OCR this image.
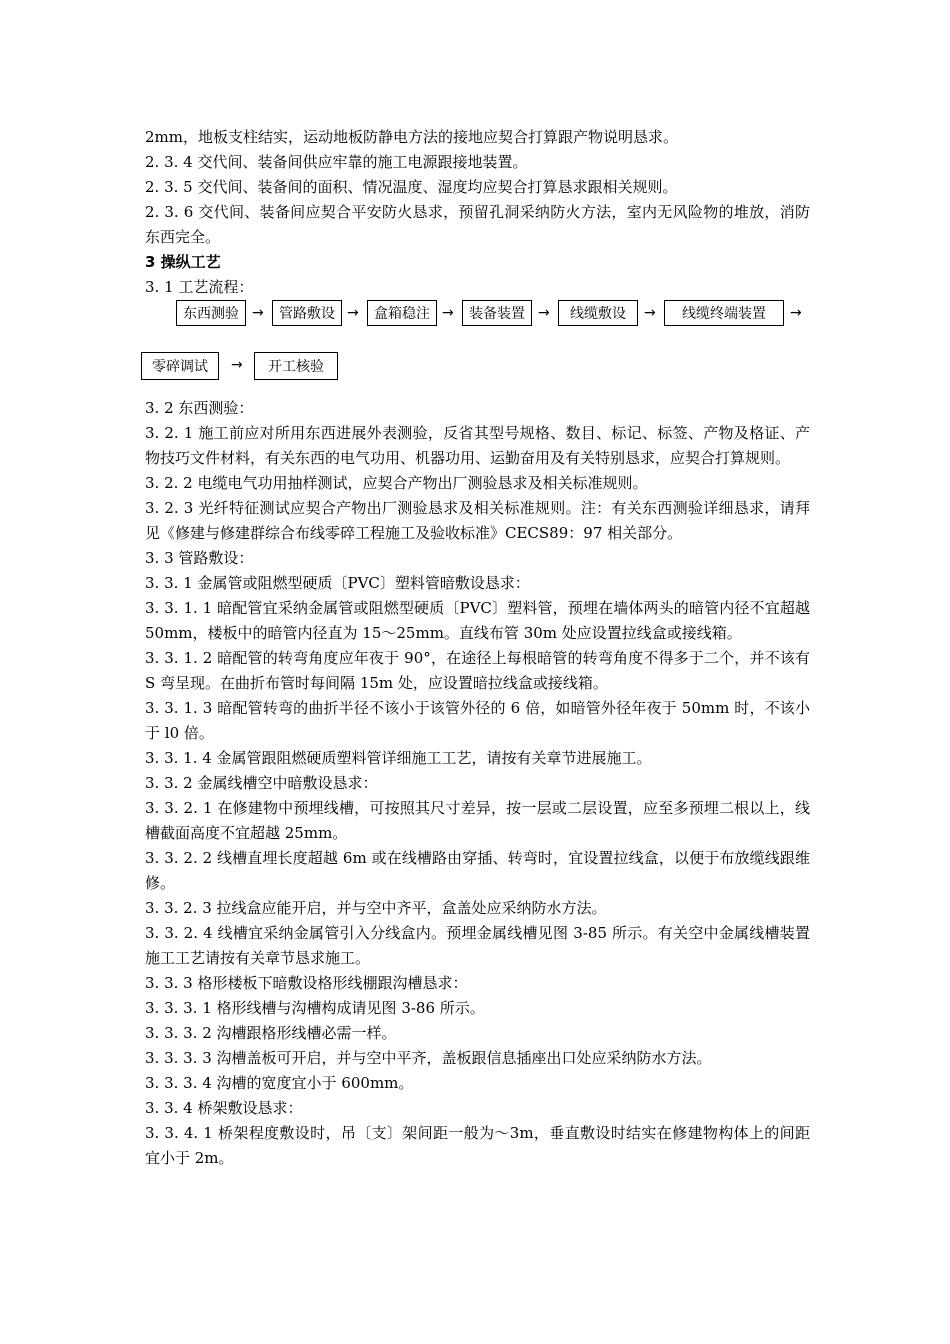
2mm，地板支柱结实，运动地板防静电方法的接地应契合打算跟产物说明恳求。

2. 3. 4 交代间、装备间供应牢靠的施工电源跟接地装置。

2. 3. 5 交代间、装备间的面积、情况温度、湿度均应契合打算恳求跟相关规则。

2. 3. 6 交代间、装备间应契合平安防火恳求，预留孔洞采纳防火方法，室内无风险物的堆放，消防东西完全。

3 操纵工艺

3. 1 工艺流程：

东西测验 →	管路敷设 →	盒箱稳注 →	装备装置 →	线缆敷设	→	线缆终端装置	→
零碎调试	→	开工核验

3. 2 东西测验：

3. 2. 1 施工前应对所用东西进展外表测验，反省其型号规格、数目、标记、标签、产物及格证、产物技巧文件材料，有关东西的电气功用、机器功用、运勤奋用及有关特别恳求，应契合打算规则。

3. 2. 2 电缆电气功用抽样测试，应契合产物出厂测验恳求及相关标准规则。

3. 2. 3 光纤特征测试应契合产物出厂测验恳求及相关标准规则。注：有关东西测验详细恳求，请拜见《修建与修建群综合布线零碎工程施工及验收标准》CECS89：97 相关部分。

3. 3 管路敷设：

3. 3. 1 金属管或阻燃型硬质〔PVC〕塑料管暗敷设恳求：

3. 3. 1. 1 暗配管宜采纳金属管或阻燃型硬质〔PVC〕塑料管，预埋在墙体两头的暗管内径不宜超越 50mm，楼板中的暗管内径直为 15～25mm。直线布管 30m 处应设置拉线盒或接线箱。

3. 3. 1. 2 暗配管的转弯角度应年夜于 90°，在途径上每根暗管的转弯角度不得多于二个，并不该有 S 弯呈现。在曲折布管时每间隔 15m 处，应设置暗拉线盒或接线箱。

3. 3. 1. 3 暗配管转弯的曲折半径不该小于该管外径的 6 倍，如暗管外径年夜于 50mm 时，不该小于 l0 倍。

3. 3. 1. 4 金属管跟阻燃硬质塑料管详细施工工艺，请按有关章节进展施工。

3. 3. 2 金属线槽空中暗敷设恳求：

3. 3. 2. 1 在修建物中预埋线槽，可按照其尺寸差异，按一层或二层设置，应至多预埋二根以上，线槽截面高度不宜超越 25mm。

3. 3. 2. 2 线槽直埋长度超越 6m 或在线槽路由穿插、转弯时，宜设置拉线盒，以便于布放缆线跟维修。

3. 3. 2. 3 拉线盒应能开启，并与空中齐平，盒盖处应采纳防水方法。

3. 3. 2. 4 线槽宜采纳金属管引入分线盒内。预埋金属线槽见图 3-85 所示。有关空中金属线槽装置施工工艺请按有关章节恳求施工。

3. 3. 3 格形楼板下暗敷设格形线棚跟沟槽恳求：

3. 3. 3. 1 格形线槽与沟槽构成请见图 3-86 所示。

3. 3. 3. 2 沟槽跟格形线槽必需一样。

3. 3. 3. 3 沟槽盖板可开启，并与空中平齐，盖板跟信息插座出口处应采纳防水方法。

3. 3. 3. 4 沟槽的宽度宜小于 600mm。

3. 3. 4 桥架敷设恳求：

3. 3. 4. 1 桥架程度敷设时，吊〔支〕架间距一般为～3m，垂直敷设时结实在修建物构体上的间距宜小于 2m。
